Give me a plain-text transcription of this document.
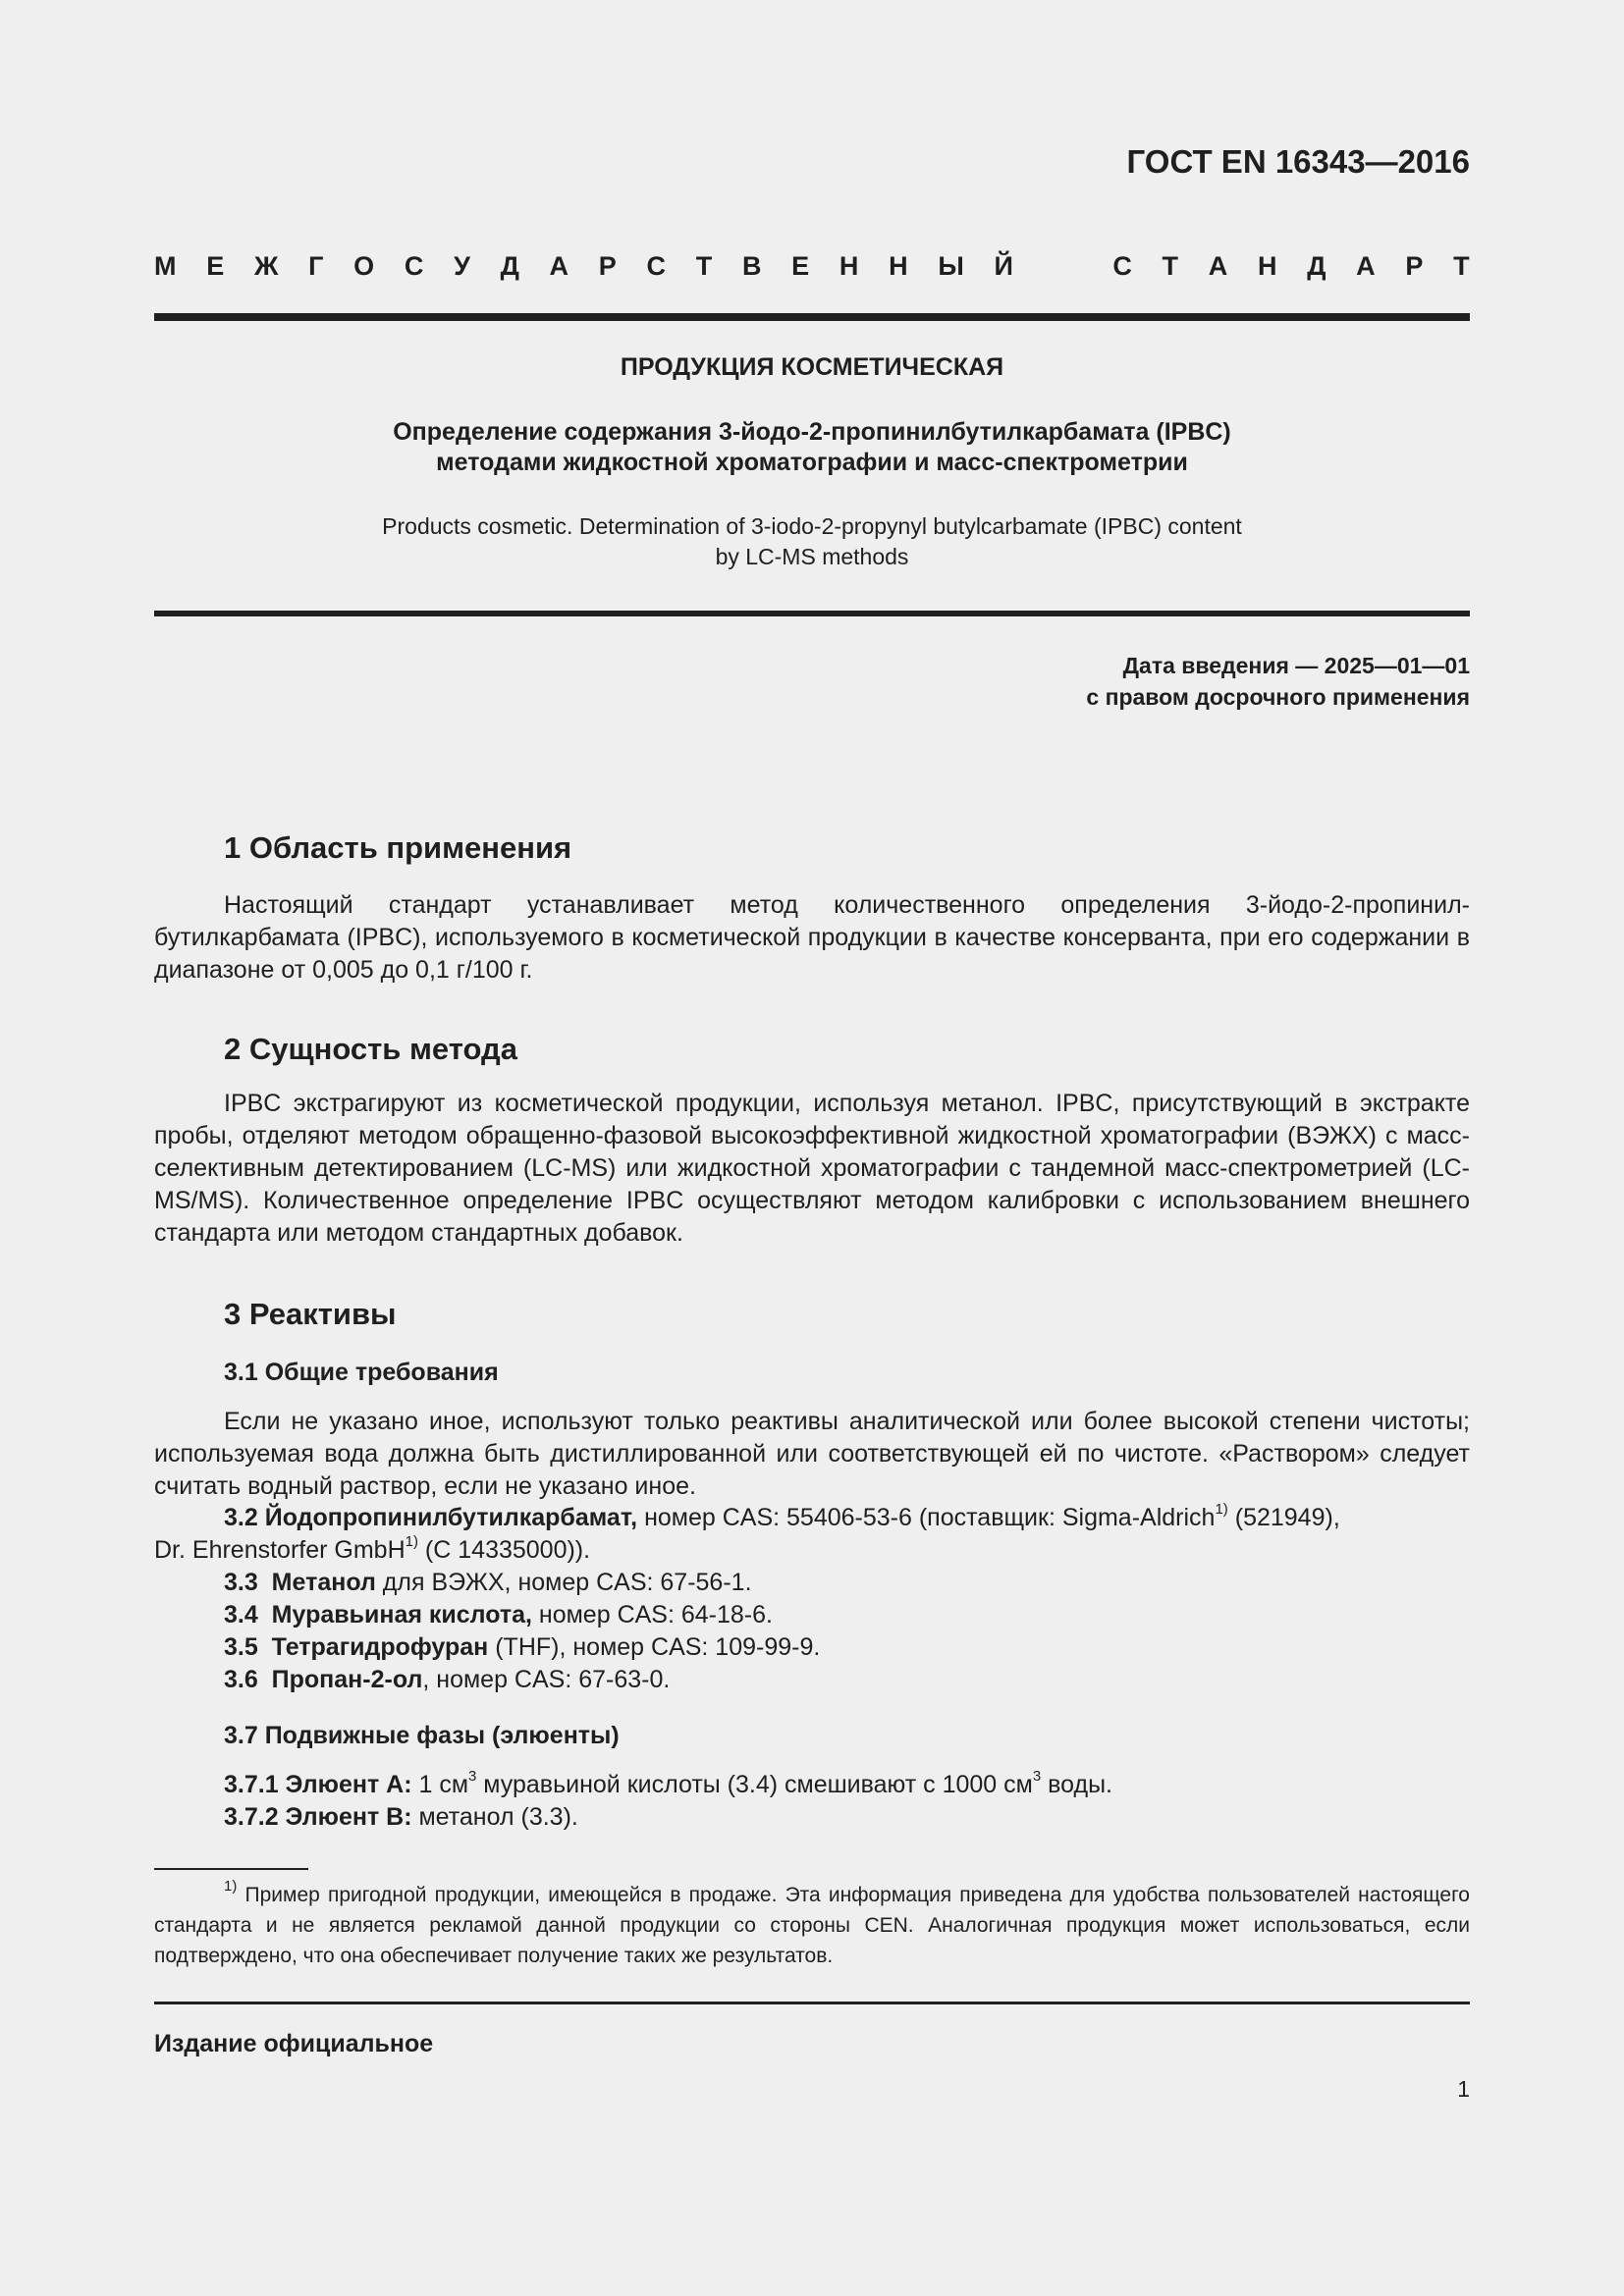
ГОСТ EN 16343—2016
М Е Ж Г О С У Д А Р С Т В Е Н Н Ы Й	С Т А Н Д А Р Т
ПРОДУКЦИЯ КОСМЕТИЧЕСКАЯ
Определение содержания 3-йодо-2-пропинилбутилкарбамата (IPBC)
методами жидкостной хроматографии и масс-спектрометрии
Products cosmetic. Determination of 3-iodo-2-propynyl butylcarbamate (IPBC) content
by LC-MS methods
Дата введения — 2025—01—01
с правом досрочного применения
1 Область применения
Настоящий стандарт устанавливает метод количественного определения 3-йодо-2-пропинилбутилкарбамата (IPBC), используемого в косметической продукции в качестве консерванта, при его содержании в диапазоне от 0,005 до 0,1 г/100 г.
2 Сущность метода
IPBC экстрагируют из косметической продукции, используя метанол. IPBC, присутствующий в экстракте пробы, отделяют методом обращенно-фазовой высокоэффективной жидкостной хроматографии (ВЭЖХ) с масс-селективным детектированием (LC-MS) или жидкостной хроматографии с тандемной масс-спектрометрией (LC-MS/MS). Количественное определение IPBC осуществляют методом калибровки с использованием внешнего стандарта или методом стандартных добавок.
3 Реактивы
3.1 Общие требования
Если не указано иное, используют только реактивы аналитической или более высокой степени чистоты; используемая вода должна быть дистиллированной или соответствующей ей по чистоте. «Раствором» следует считать водный раствор, если не указано иное.
3.2 Йодопропинилбутилкарбамат, номер CAS: 55406-53-6 (поставщик: Sigma-Aldrich$^{1)}$ (521949),
Dr. Ehrenstorfer GmbH$^{1)}$ (С 14335000)).
3.3 Метанол для ВЭЖХ, номер CAS: 67-56-1.
3.4 Муравьиная кислота, номер CAS: 64-18-6.
3.5 Тетрагидрофуран (THF), номер CAS: 109-99-9.
3.6 Пропан-2-ол, номер CAS: 67-63-0.
3.7 Подвижные фазы (элюенты)
3.7.1 Элюент А: 1 $см^3$ муравьиной кислоты (3.4) смешивают с 1000 $см^3$ воды.
3.7.2 Элюент В: метанол (3.3).
$^{1)}$ Пример пригодной продукции, имеющейся в продаже. Эта информация приведена для удобства пользователей настоящего стандарта и не является рекламой данной продукции со стороны CEN. Аналогичная продукция может использоваться, если подтверждено, что она обеспечивает получение таких же результатов.
Издание официальное
1
